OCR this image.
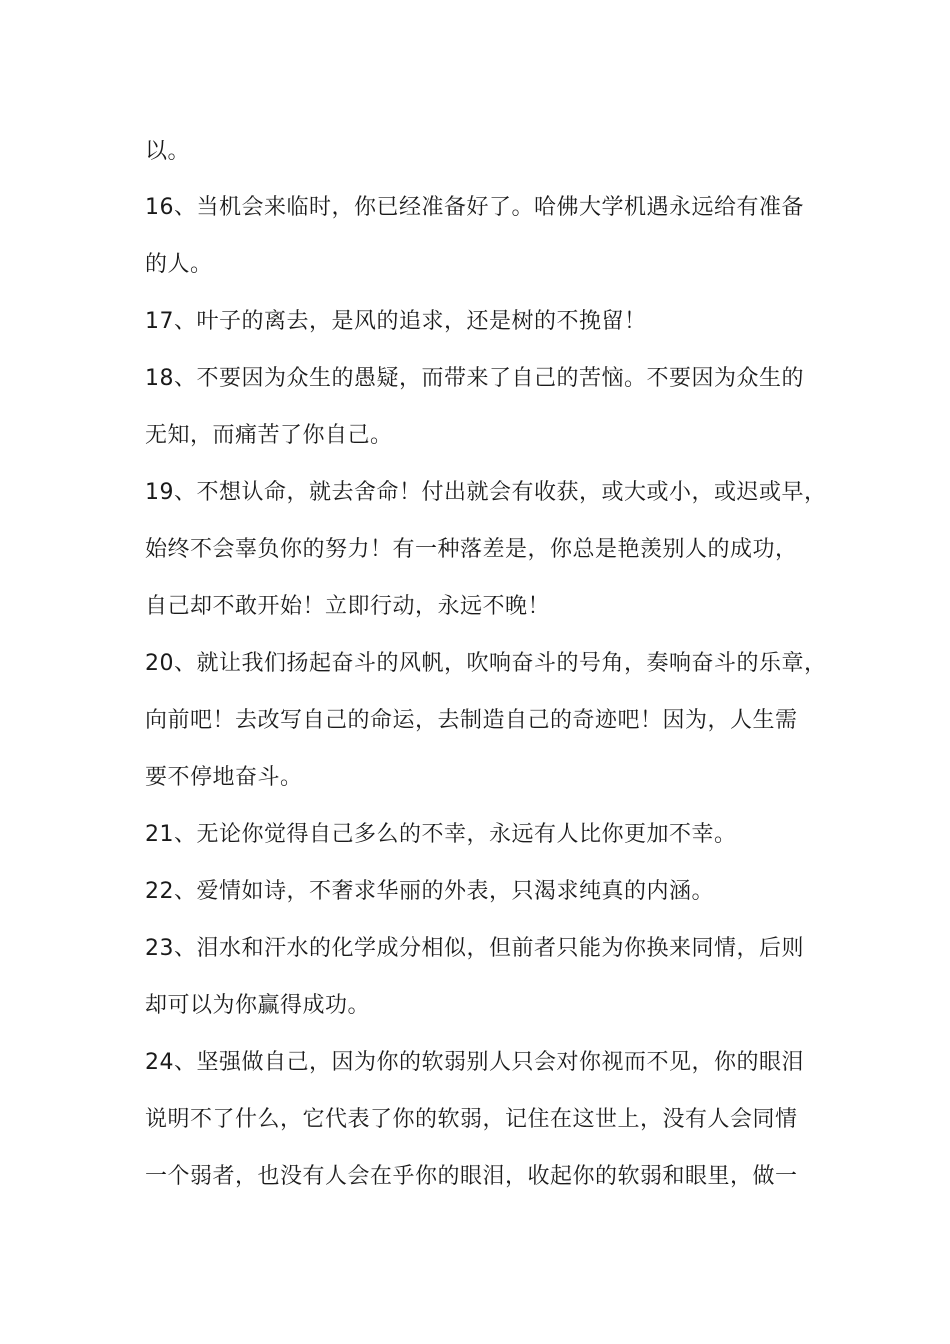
以。
16、当机会来临时，你已经准备好了。哈佛大学机遇永远给有准备
的人。
17、叶子的离去，是风的追求，还是树的不挽留！
18、不要因为众生的愚疑，而带来了自己的苦恼。不要因为众生的
无知，而痛苦了你自己。
19、不想认命，就去舍命！付出就会有收获，或大或小，或迟或早，
始终不会辜负你的努力！有一种落差是，你总是艳羡别人的成功，
自己却不敢开始！立即行动，永远不晚！
20、就让我们扬起奋斗的风帆，吹响奋斗的号角，奏响奋斗的乐章，
向前吧！去改写自己的命运，去制造自己的奇迹吧！因为，人生需
要不停地奋斗。
21、无论你觉得自己多么的不幸，永远有人比你更加不幸。
22、爱情如诗，不奢求华丽的外表，只渴求纯真的内涵。
23、泪水和汗水的化学成分相似，但前者只能为你换来同情，后则
却可以为你赢得成功。
24、坚强做自己，因为你的软弱别人只会对你视而不见，你的眼泪
说明不了什么，它代表了你的软弱，记住在这世上，没有人会同情
一个弱者，也没有人会在乎你的眼泪，收起你的软弱和眼里，做一
